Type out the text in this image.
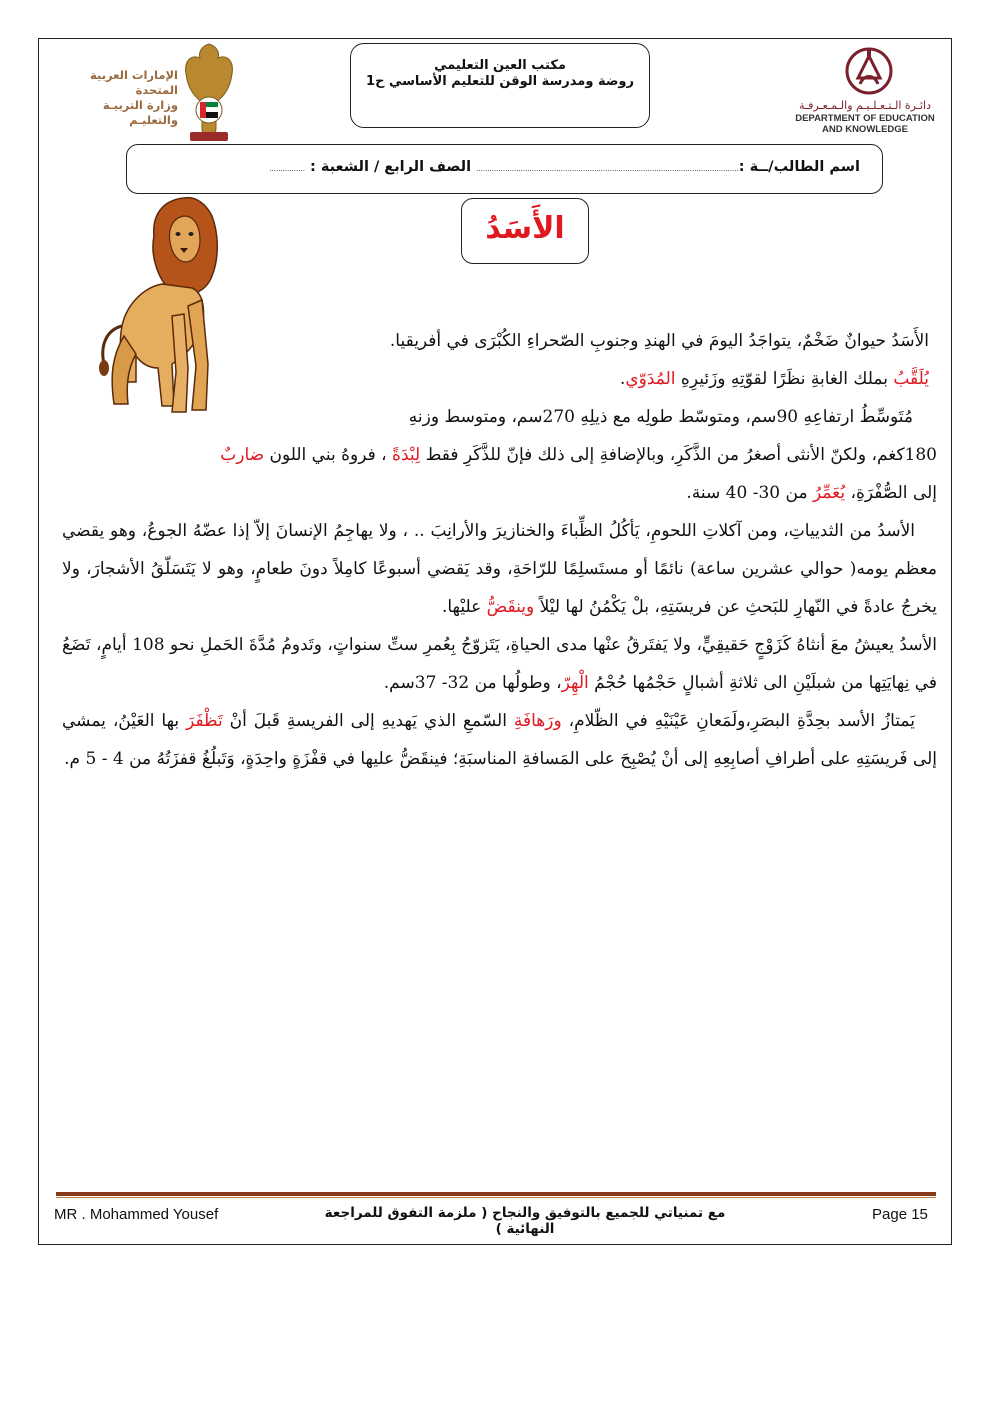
الإمارات العربية المتحدة
وزارة التربيـة والتعليـم
مكتب العين التعليمي
روضة ومدرسة الوقن للتعليم الأساسي ح1
دائـرة الـتـعـلـيـم والـمـعـرفـة
DEPARTMENT OF EDUCATION
AND KNOWLEDGE
اسم الطالب/ــة :...................................................................................................................... الصف الرابع / الشعبة : ................
الأَسَدُ

الأَسَدُ حيوانٌ ضَخْمٌ، يتواجَدُ اليومَ في الهندِ وجنوبِ الصّحراءِ الكُبْرَى في أفريقيا.

يُلَقَّبُ بملك الغابةِ نظَرًا لقوّتِهِ وزَئيرِهِ المُدَوّي.

مُتَوسِّطُ ارتفاعِهِ 90سم، ومتوسّط طولِه مع ذيلِهِ 270سم، ومتوسط وزنهِ

180كغم، ولكنّ الأنثى أصغرُ من الذَّكَرِ، وبالإضافةِ إلى ذلك فإنّ للذَّكَرِ فقط لِبْدَةً ، فروهُ بني اللون ضاربٌ

إلى الصُّفْرَةِ، يُعَمِّرُ من 30- 40 سنة.

الأسدُ من الثديياتِ، ومن آكلاتِ اللحومِ، يَأكُلُ الظِّباءَ والخنازيرَ والأرانِبَ .. ، ولا يهاجِمُ الإنسانَ إلاّ إذا عضّهُ الجوعُ، وهو يقضي معظم يومه( حوالي عشرين ساعة) نائمًا أو مستَسلِمًا للرّاحَةِ، وقد يَقضي أسبوعًا كامِلاً دونَ طعامٍ، وهو لا يَتَسَلّقُ الأشجارَ، ولا يخرجُ عادةً في النّهارِ للبَحثِ عن فريسَتِهِ، بلْ يَكْمُنُ لها ليْلاً وينقَضُّ عليْها.

الأسدُ يعيشُ معَ أنثاهُ كَزَوْجٍ حَقيقِيٍّ، ولا يَفتَرقُ عنْها مدى الحياةِ، يَتَزوّجُ بِعُمرِ ستِّ سنواتٍ، وتَدومُ مُدَّةَ الحَملِ نحو 108 أيامٍ، تَضَعُ في نِهايَتِها من شبلَيْنِ الى ثلاثةِ أشبالٍ حَجْمُها حُجْمُ الْهِرّ، وطولُها من 32- 37سم.

يَمتازُ الأسد بحِدَّةِ البصَرِ،ولَمَعانِ عَيْنَيْهِ في الظّلامِ، ورَهافَةِ السّمعِ الذي يَهديهِ إلى الفريسةِ قَبلَ أنْ تَظْفَرَ بها العَيْنُ، يمشي إلى فَريسَتِهِ على أطرافِ أصابِعِهِ إلى أنْ يُصْبِحَ على المَسافةِ المناسبَةِ؛ فينقَضُّ عليها في قفْزَةٍ واحِدَةٍ، وَتَبلُغُ قفزَتُهُ من 4 - 5 م.

MR . Mohammed Yousef	مع تمنياتي للجميع بالتوفيق والنجاح ( ملزمة التفوق للمراجعة النهائية )
Page 15
